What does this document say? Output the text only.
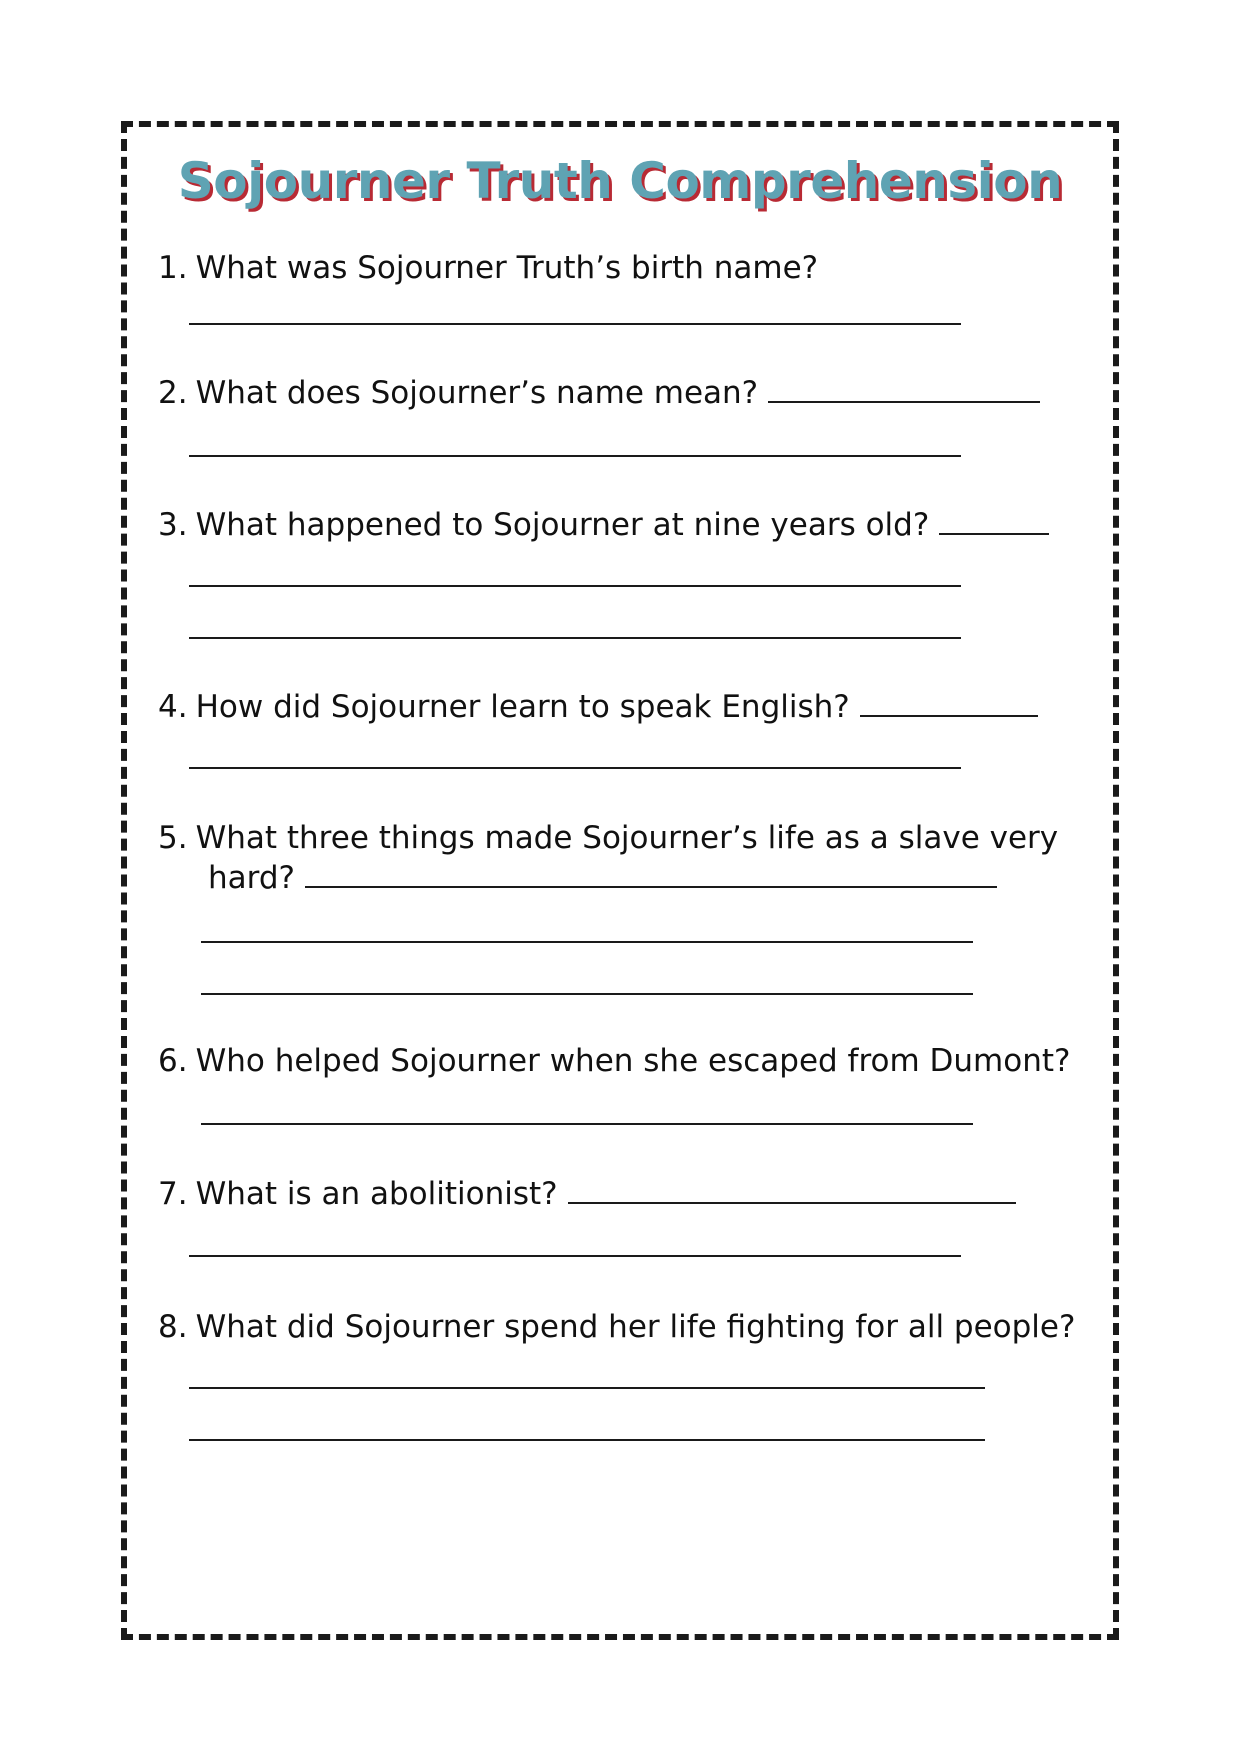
Sojourner Truth Comprehension
1. What was Sojourner Truth’s birth name?
2. What does Sojourner’s name mean?
3. What happened to Sojourner at nine years old?
4. How did Sojourner learn to speak English?
5. What three things made Sojourner’s life as a slave very
hard?
6. Who helped Sojourner when she escaped from Dumont?
7. What is an abolitionist?
8. What did Sojourner spend her life fighting for all people?
